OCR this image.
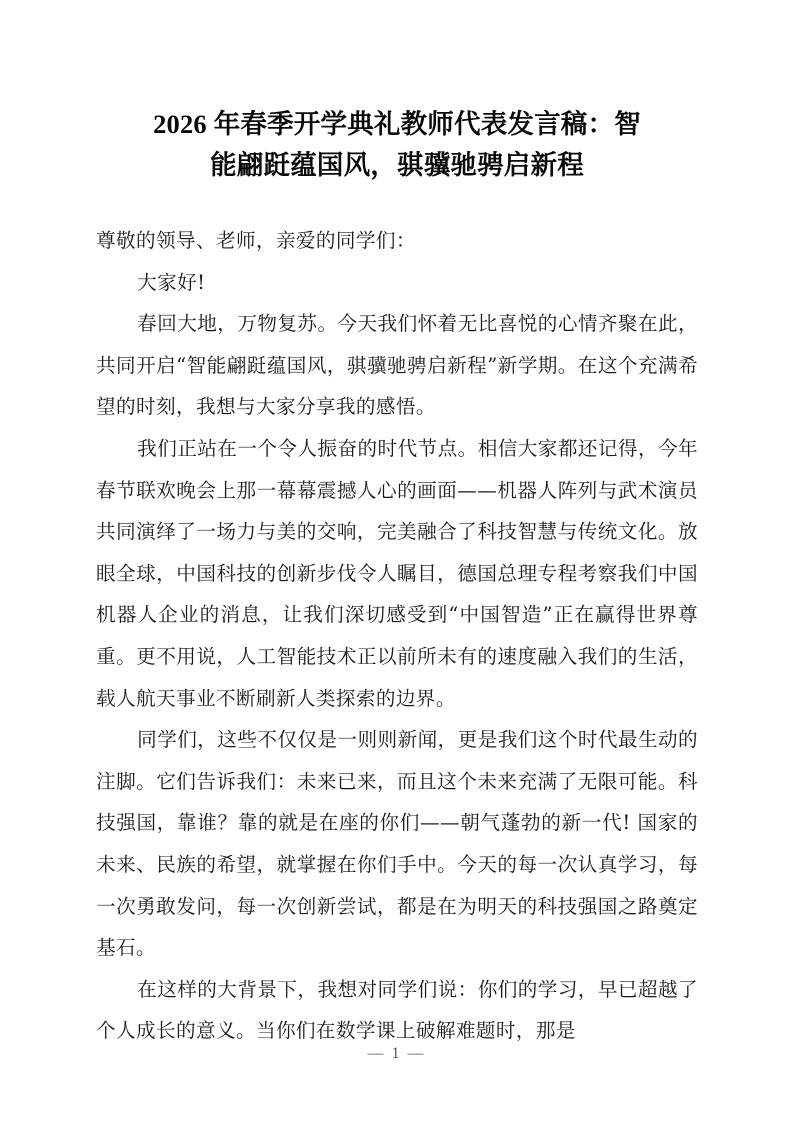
2026 年春季开学典礼教师代表发言稿：智
能翩跹蕴国风，骐骥驰骋启新程

尊敬的领导、老师，亲爱的同学们：

大家好!

春回大地，万物复苏。今天我们怀着无比喜悦的心情齐聚在此，共同开启“智能翩跹蕴国风，骐骥驰骋启新程”新学期。在这个充满希望的时刻，我想与大家分享我的感悟。

我们正站在一个令人振奋的时代节点。相信大家都还记得，今年春节联欢晚会上那一幕幕震撼人心的画面——机器人阵列与武术演员共同演绎了一场力与美的交响，完美融合了科技智慧与传统文化。放眼全球，中国科技的创新步伐令人瞩目，德国总理专程考察我们中国机器人企业的消息，让我们深切感受到“中国智造”正在赢得世界尊重。更不用说，人工智能技术正以前所未有的速度融入我们的生活，载人航天事业不断刷新人类探索的边界。

同学们，这些不仅仅是一则则新闻，更是我们这个时代最生动的注脚。它们告诉我们：未来已来，而且这个未来充满了无限可能。科技强国，靠谁？靠的就是在座的你们——朝气蓬勃的新一代! 国家的未来、民族的希望，就掌握在你们手中。今天的每一次认真学习，每一次勇敢发问，每一次创新尝试，都是在为明天的科技强国之路奠定基石。

在这样的大背景下，我想对同学们说：你们的学习，早已超越了个人成长的意义。当你们在数学课上破解难题时，那是

— 1 —
